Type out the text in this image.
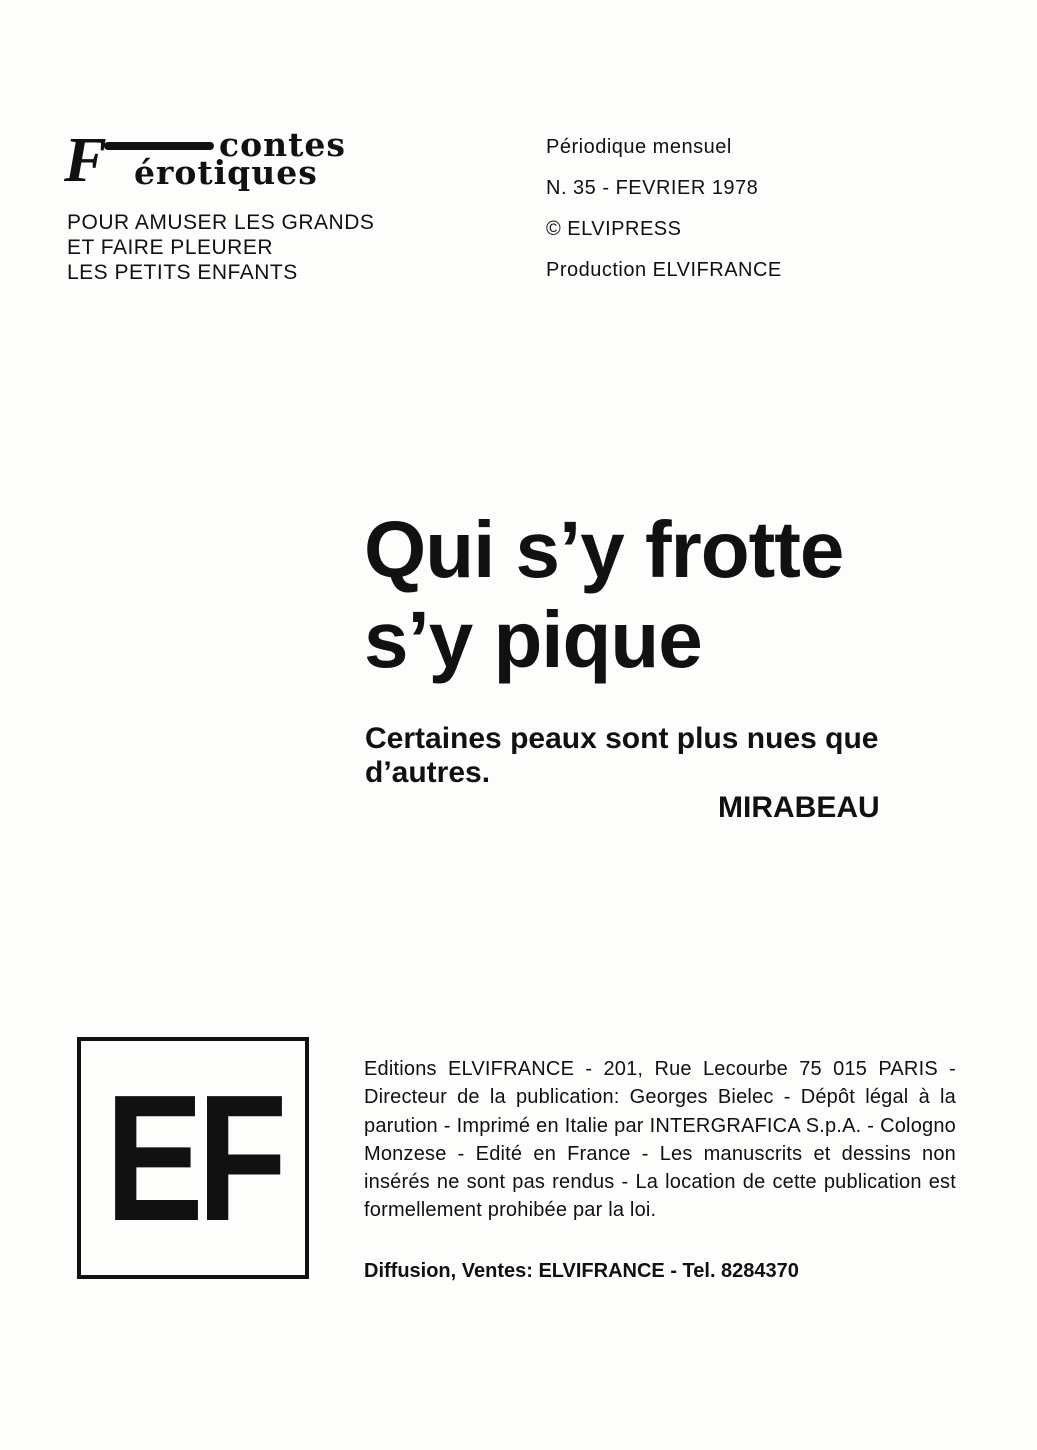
F	contes
érotiques
POUR AMUSER LES GRANDS
ET FAIRE PLEURER
LES PETITS ENFANTS
Périodique mensuel
N. 35 - FEVRIER 1978
© ELVIPRESS
Production ELVIFRANCE
Qui s’y frotte
s’y pique
Certaines peaux sont plus nues que
d’autres.
MIRABEAU
EF	Editions ELVIFRANCE - 201, Rue Lecourbe 75 015 PARIS - Directeur de la publication: Georges Bielec - Dépôt légal à la parution - Imprimé en Italie par INTERGRAFICA S.p.A. - Cologno Monzese - Edité en France - Les manuscrits et dessins non insérés ne sont pas rendus - La location de cette publication est formellement prohibée par la loi.
Diffusion, Ventes: ELVIFRANCE - Tel. 8284370
